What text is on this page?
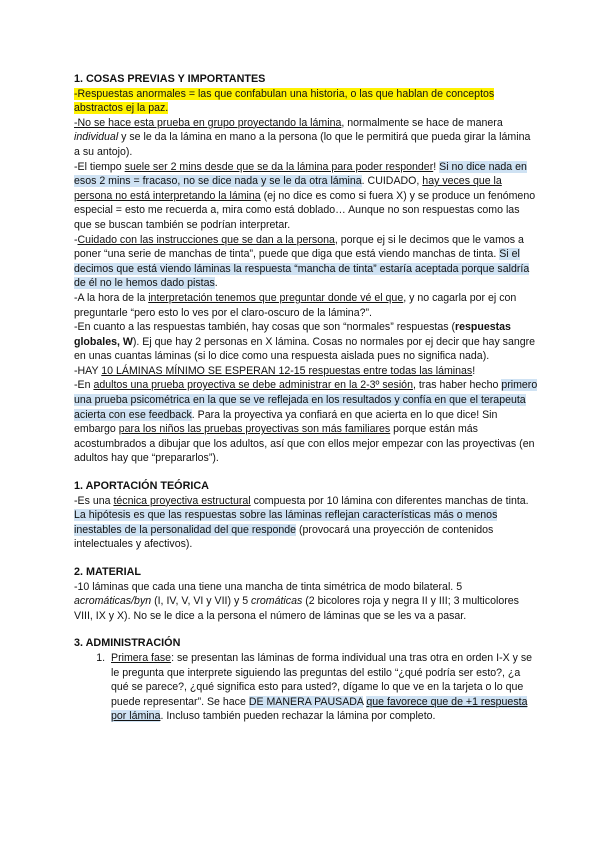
1. COSAS PREVIAS Y IMPORTANTES

-Respuestas anormales = las que confabulan una historia, o las que hablan de conceptos abstractos ej la paz.

-No se hace esta prueba en grupo proyectando la lámina, normalmente se hace de manera individual y se le da la lámina en mano a la persona (lo que le permitirá que pueda girar la lámina a su antojo).

-El tiempo suele ser 2 mins desde que se da la lámina para poder responder! Si no dice nada en esos 2 mins = fracaso, no se dice nada y se le da otra lámina. CUIDADO, hay veces que la persona no está interpretando la lámina (ej no dice es como si fuera X) y se produce un fenómeno especial = esto me recuerda a, mira como está doblado… Aunque no son respuestas como las que se buscan también se podrían interpretar.

-Cuidado con las instrucciones que se dan a la persona, porque ej si le decimos que le vamos a poner “una serie de manchas de tinta”, puede que diga que está viendo manchas de tinta. Si el decimos que está viendo láminas la respuesta “mancha de tinta” estaría aceptada porque saldría de él no le hemos dado pistas.

-A la hora de la interpretación tenemos que preguntar donde vé el que, y no cagarla por ej con preguntarle “pero esto lo ves por el claro-oscuro de la lámina?”.

-En cuanto a las respuestas también, hay cosas que son “normales” respuestas (respuestas globales, W). Ej que hay 2 personas en X lámina. Cosas no normales por ej decir que hay sangre en unas cuantas láminas (si lo dice como una respuesta aislada pues no significa nada).

-HAY 10 LÁMINAS MÍNIMO SE ESPERAN 12-15 respuestas entre todas las láminas!

-En adultos una prueba proyectiva se debe administrar en la 2-3º sesión, tras haber hecho primero una prueba psicométrica en la que se ve reflejada en los resultados y confía en que el terapeuta acierta con ese feedback. Para la proyectiva ya confiará en que acierta en lo que dice! Sin embargo para los niños las pruebas proyectivas son más familiares porque están más acostumbrados a dibujar que los adultos, así que con ellos mejor empezar con las proyectivas (en adultos hay que “prepararlos”).

1. APORTACIÓN TEÓRICA

-Es una técnica proyectiva estructural compuesta por 10 lámina con diferentes manchas de tinta. La hipótesis es que las respuestas sobre las láminas reflejan características más o menos inestables de la personalidad del que responde (provocará una proyección de contenidos intelectuales y afectivos).

2. MATERIAL

-10 láminas que cada una tiene una mancha de tinta simétrica de modo bilateral. 5 acromáticas/byn (I, IV, V, VI y VII) y 5 cromáticas (2 bicolores roja y negra II y III; 3 multicolores VIII, IX y X). No se le dice a la persona el número de láminas que se les va a pasar.

3. ADMINISTRACIÓN
1. Primera fase: se presentan las láminas de forma individual una tras otra en orden I-X y se le pregunta que interprete siguiendo las preguntas del estilo “¿qué podría ser esto?, ¿a qué se parece?, ¿qué significa esto para usted?, dígame lo que ve en la tarjeta o lo que puede representar”. Se hace DE MANERA PAUSADA que favorece que de +1 respuesta por lámina. Incluso también pueden rechazar la lámina por completo.
